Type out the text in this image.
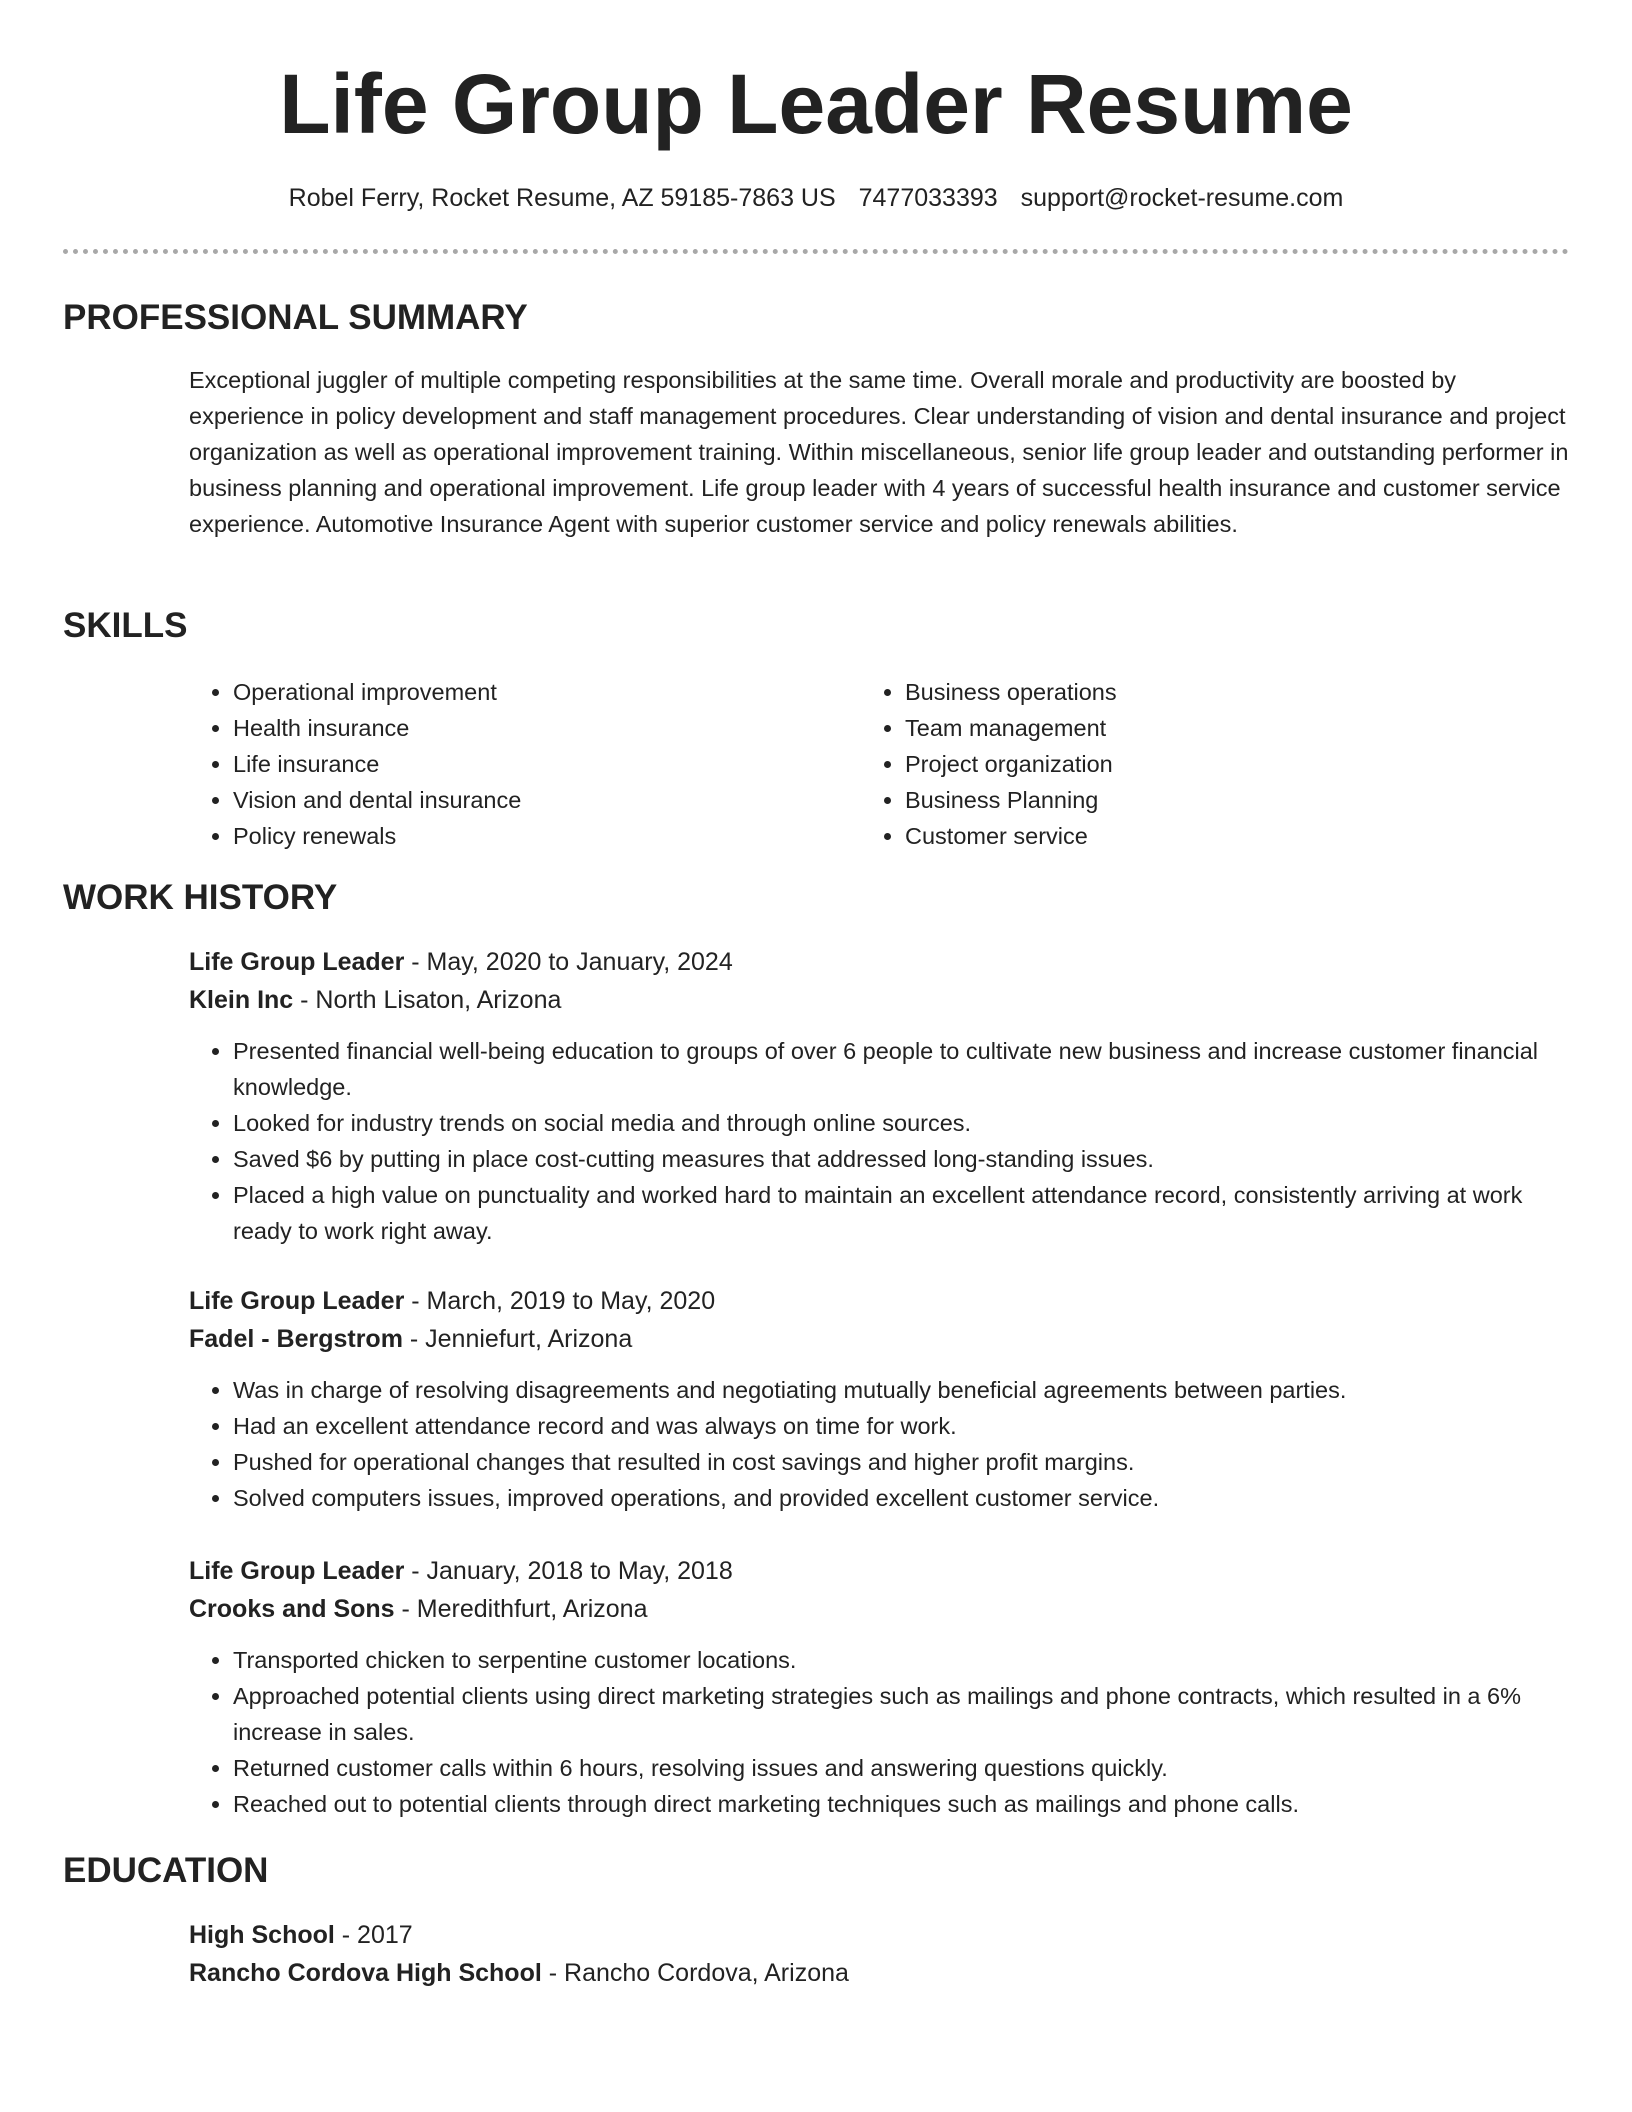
Life Group Leader Resume
Robel Ferry, Rocket Resume, AZ 59185-7863 US 7477033393 support@rocket-resume.com
PROFESSIONAL SUMMARY

Exceptional juggler of multiple competing responsibilities at the same time. Overall morale and productivity are boosted by experience in policy development and staff management procedures. Clear understanding of vision and dental insurance and project organization as well as operational improvement training. Within miscellaneous, senior life group leader and outstanding performer in business planning and operational improvement. Life group leader with 4 years of successful health insurance and customer service experience. Automotive Insurance Agent with superior customer service and policy renewals abilities.

SKILLS
• Operational improvement
• Health insurance
• Life insurance
• Vision and dental insurance
• Policy renewals
• Business operations
• Team management
• Project organization
• Business Planning
• Customer service
WORK HISTORY
Life Group Leader - May, 2020 to January, 2024
Klein Inc - North Lisaton, Arizona
• Presented financial well-being education to groups of over 6 people to cultivate new business and increase customer financial knowledge.
• Looked for industry trends on social media and through online sources.
• Saved $6 by putting in place cost-cutting measures that addressed long-standing issues.
• Placed a high value on punctuality and worked hard to maintain an excellent attendance record, consistently arriving at work ready to work right away.
Life Group Leader - March, 2019 to May, 2020
Fadel - Bergstrom - Jenniefurt, Arizona
• Was in charge of resolving disagreements and negotiating mutually beneficial agreements between parties.
• Had an excellent attendance record and was always on time for work.
• Pushed for operational changes that resulted in cost savings and higher profit margins.
• Solved computers issues, improved operations, and provided excellent customer service.
Life Group Leader - January, 2018 to May, 2018
Crooks and Sons - Meredithfurt, Arizona
• Transported chicken to serpentine customer locations.
• Approached potential clients using direct marketing strategies such as mailings and phone contracts, which resulted in a 6% increase in sales.
• Returned customer calls within 6 hours, resolving issues and answering questions quickly.
• Reached out to potential clients through direct marketing techniques such as mailings and phone calls.
EDUCATION
High School - 2017
Rancho Cordova High School - Rancho Cordova, Arizona
